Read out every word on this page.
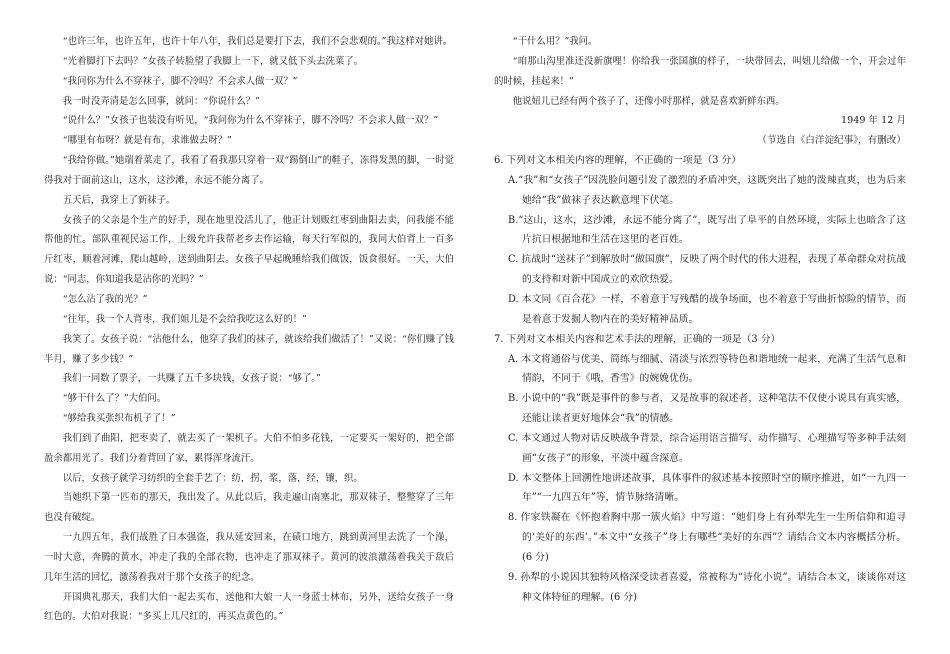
“也许三年，也许五年，也许十年八年，我们总是要打下去，我们不会悲观的。”我这样对她讲。

“光着脚打下去吗？”女孩子转脸望了我脚上一下，就又低下头去洗菜了。

“我问你为什么不穿袜子，脚不冷吗？不会求人做一双？”

我一时没弄清是怎么回事，就问：“你说什么？”

“说什么？”女孩子也装没有听见，“我问你为什么不穿袜子，脚不冷吗？不会求人做一双？”

“哪里有布呀？就是有布，求谁做去呀？”

“我给你做。”她端着菜走了，我看了看我那只穿着一双“踢倒山”的鞋子，冻得发黑的脚，一时觉得我对于面前这山，这水，这沙滩，永远不能分离了。

五天后，我穿上了新袜子。

女孩子的父亲是个生产的好手，现在地里没活儿了，他正计划贩红枣到曲阳去卖，问我能不能帮他的忙。部队重视民运工作，上级允许我帮老乡去作运输，每天行军似的，我同大伯背上一百多斤红枣，顺着河滩，爬山越岭，送到曲阳去。女孩子早起晚睡给我们做饭，饭食很好。一天，大伯说：“同志，你知道我是沾你的光吗？”

“怎么沾了我的光？”

“往年，我一个人背枣，我们姐儿是不会给我吃这么好的！”

我笑了。女孩子说：“沾他什么，他穿了我们的袜子，就该给我们做活了！”又说：“你们赚了钱半月，赚了多少钱？”

我们一同数了票子，一共赚了五千多块钱，女孩子说：“够了。”

“够干什么了？”大伯问。

“够给我买张织布机子了！”

我们到了曲阳，把枣卖了，就去买了一架机子。大伯不怕多花钱，一定要买一架好的，把全部盈余都用光了。我们分着背回了家，累得浑身流汗。

以后，女孩子就学习纺织的全套手艺了：纺，拐，浆，落，经，镶，织。

当她织下第一匹布的那天，我出发了。从此以后，我走遍山南塞北，那双袜子，整整穿了三年也没有破绽。

一九四五年，我们战胜了日本强盗，我从延安回来，在碛口地方，跳到黄河里去洗了一个澡，一时大意，奔腾的黄水，冲走了我的全部衣物，也冲走了那双袜子。黄河的波浪激荡着我关于敌后几年生活的回忆，激荡着我对于那个女孩子的纪念。

开国典礼那天，我们大伯一起去买布，送他和大娘一人一身蓝士林布，另外，送给女孩子一身红色的。大伯对我说：“多买上几尺红的，再买点黄色的。”

“干什么用？”我问。

“咱那山沟里准还没新旗哩！你给我一张国旗的样子，一块带回去，叫妞儿给做一个，开会过年的时候，挂起来！”

他说妞儿已经有两个孩子了，还像小时那样，就是喜欢新鲜东西。

1949 年 12 月

（节选自《白洋淀纪事》，有删改）

6. 下列对文本相关内容的理解，不正确的一项是（3 分）

A.“我”和“女孩子”因洗脸问题引发了激烈的矛盾冲突，这既突出了她的泼辣直爽，也为后来她给“我”做袜子表达歉意埋下伏笔。

B.“这山，这水，这沙滩，永远不能分离了”，既写出了阜平的自然环境，实际上也暗含了这片抗日根据地和生活在这里的老百姓。

C. 抗战时“送袜子”到解放时“做国旗”，反映了两个时代的伟大进程，表现了革命群众对抗战的支持和对新中国成立的欢欣热爱。

D. 本文同《百合花》一样，不着意于写残酷的战争场面，也不着意于写曲折惊险的情节，而是着意于发掘人物内在的美好精神品质。

7. 下列对文本相关内容和艺术手法的理解，正确的一项是（3 分）

A. 本文将通俗与优美、简练与细腻、清淡与浓烈等特色和谐地统一起来，充满了生活气息和情韵，不同于《哦，香雪》的婉娩优伤。

B. 小说中的“我”既是事件的参与者，又是故事的叙述者，这种笔法不仅使小说具有真实感，还能让读者更好地体会“我”的情感。

C. 本文通过人物对话反映战争背景，综合运用语言描写、动作描写、心理描写等多种手法刻画“女孩子”的形象，平淡中蕴含深意。

D. 本文整体上回溯性地讲述故事，具体事件的叙述基本按照时空的顺序推进，如“一九四一年”“一九四五年”等，情节脉络清晰。

8. 作家铁凝在《怀抱着胸中那一簇火焰》中写道：“她们身上有孙犁先生一生所信仰和追寻的‘美好的东西’。”本文中“女孩子”身上有哪些“美好的东西”？请结合文本内容概括分析。(6 分)

9. 孙犁的小说因其独特风格深受读者喜爱，常被称为“诗化小说”。请结合本文，谈谈你对这种文体特征的理解。(6 分)
